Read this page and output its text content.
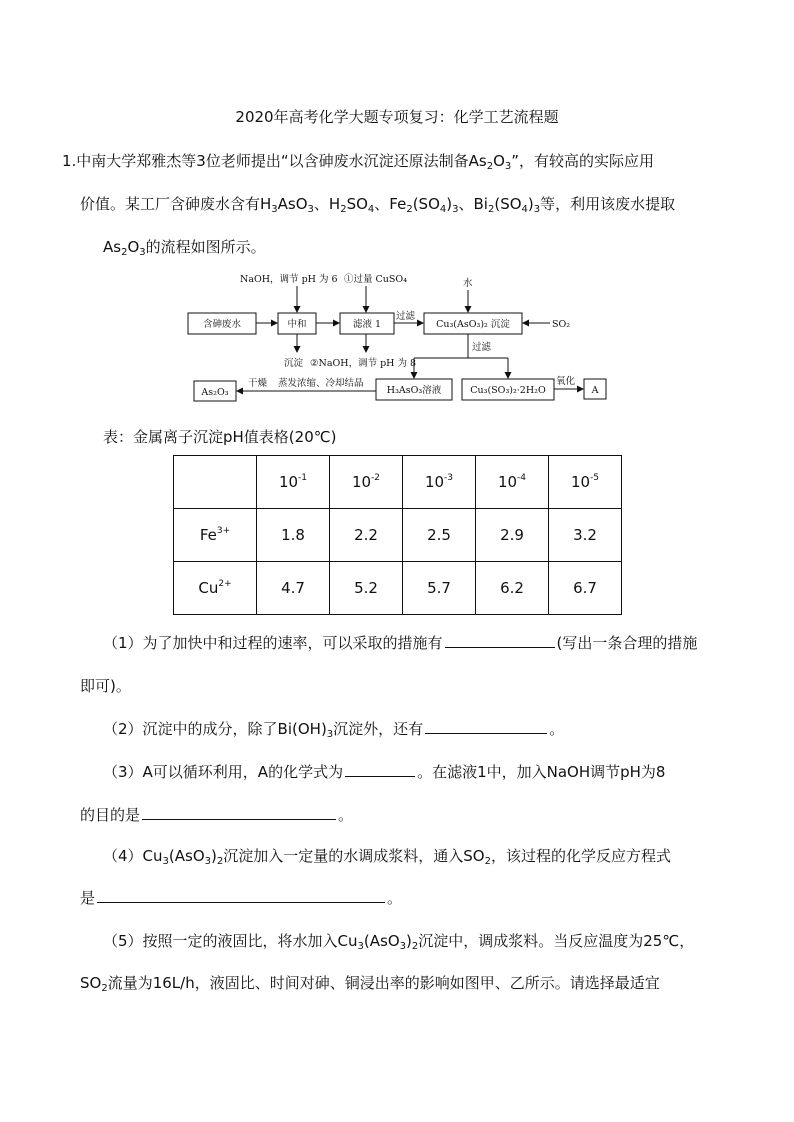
2020年高考化学大题专项复习：化学工艺流程题
1.中南大学郑雅杰等3位老师提出“以含砷废水沉淀还原法制备$As_2O_3$”，有较高的实际应用
价值。某工厂含砷废水含有$H_3AsO_3$、$H_2SO_4$、$Fe_2(SO_4)_3$、$Bi_2(SO_4)_3$等，利用该废水提取
$As_2O_3$的流程如图所示。
含砷废水	中和	滤液 1	Cu₃(AsO₃)₂ 沉淀
As₂O₃	H₃AsO₃溶液	Cu₃(SO₃)₂·2H₂O	A
NaOH，调节 pH 为 6 ①过量 CuSO₄	水
过滤
SO₂
过滤
沉淀 ②NaOH，调节 pH 为 8
干燥 蒸发浓缩、冷却结晶	氧化
表：金属离子沉淀pH值表格(20℃)
	$10^{-1}$	$10^{-2}$	$10^{-3}$	$10^{-4}$	$10^{-5}$
$Fe^{3+}$	1.8	2.2	2.5	2.9	3.2
$Cu^{2+}$	4.7	5.2	5.7	6.2	6.7
（1）为了加快中和过程的速率，可以采取的措施有	(写出一条合理的措施
即可)。
（2）沉淀中的成分，除了$Bi(OH)_3$沉淀外，还有	。
（3）A可以循环利用，A的化学式为	。在滤液1中，加入NaOH调节pH为8
的目的是	。
$(4)Cu_3(AsO_3)_2$沉淀加入一定量的水调成浆料，通入$SO_2$，该过程的化学反应方程式
是	。
（5）按照一定的液固比，将水加入$Cu_3(AsO_3)_2$沉淀中，调成浆料。当反应温度为25℃，
$SO_2$流量为16L/h，液固比、时间对砷、铜浸出率的影响如图甲、乙所示。请选择最适宜
